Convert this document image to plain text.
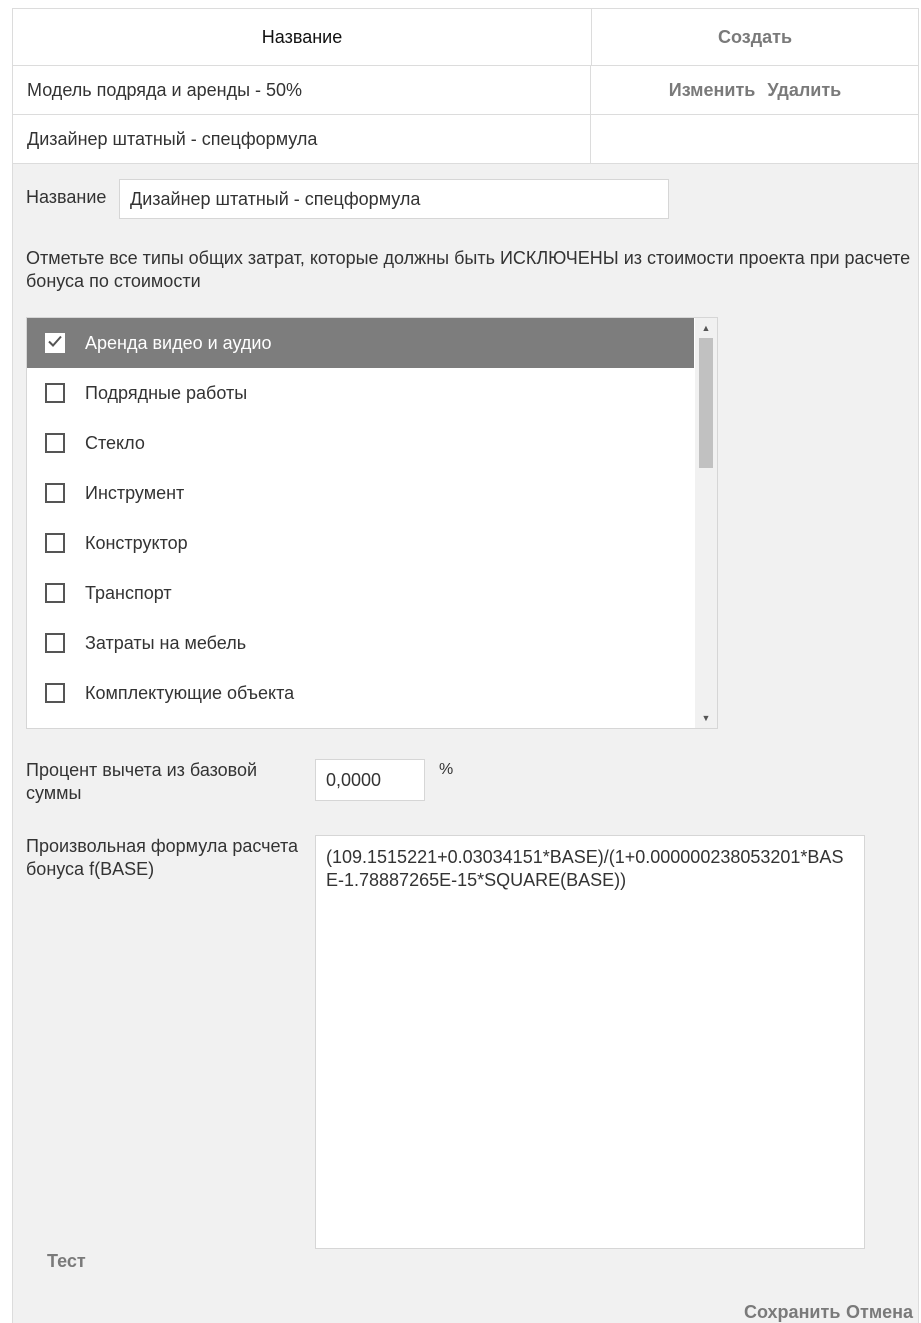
Название	Создать
Модель подряда и аренды - 50%	Изменить Удалить
Дизайнер штатный - спецформула
Название
Дизайнер штатный - спецформула
Отметьте все типы общих затрат, которые должны быть ИСКЛЮЧЕНЫ из стоимости проекта при расчете бонуса по стоимости
Аренда видео и аудио
Подрядные работы
Стекло
Инструмент
Конструктор
Транспорт
Затраты на мебель
Комплектующие объекта
▲
▼
Процент вычета из базовой суммы
0,0000
%
Произвольная формула расчета бонуса f(BASE)
(109.1515221+0.03034151*BASE)/(1+0.000000238053201*BASE-1.78887265E-15*SQUARE(BASE))
Тест
Сохранить Отмена
